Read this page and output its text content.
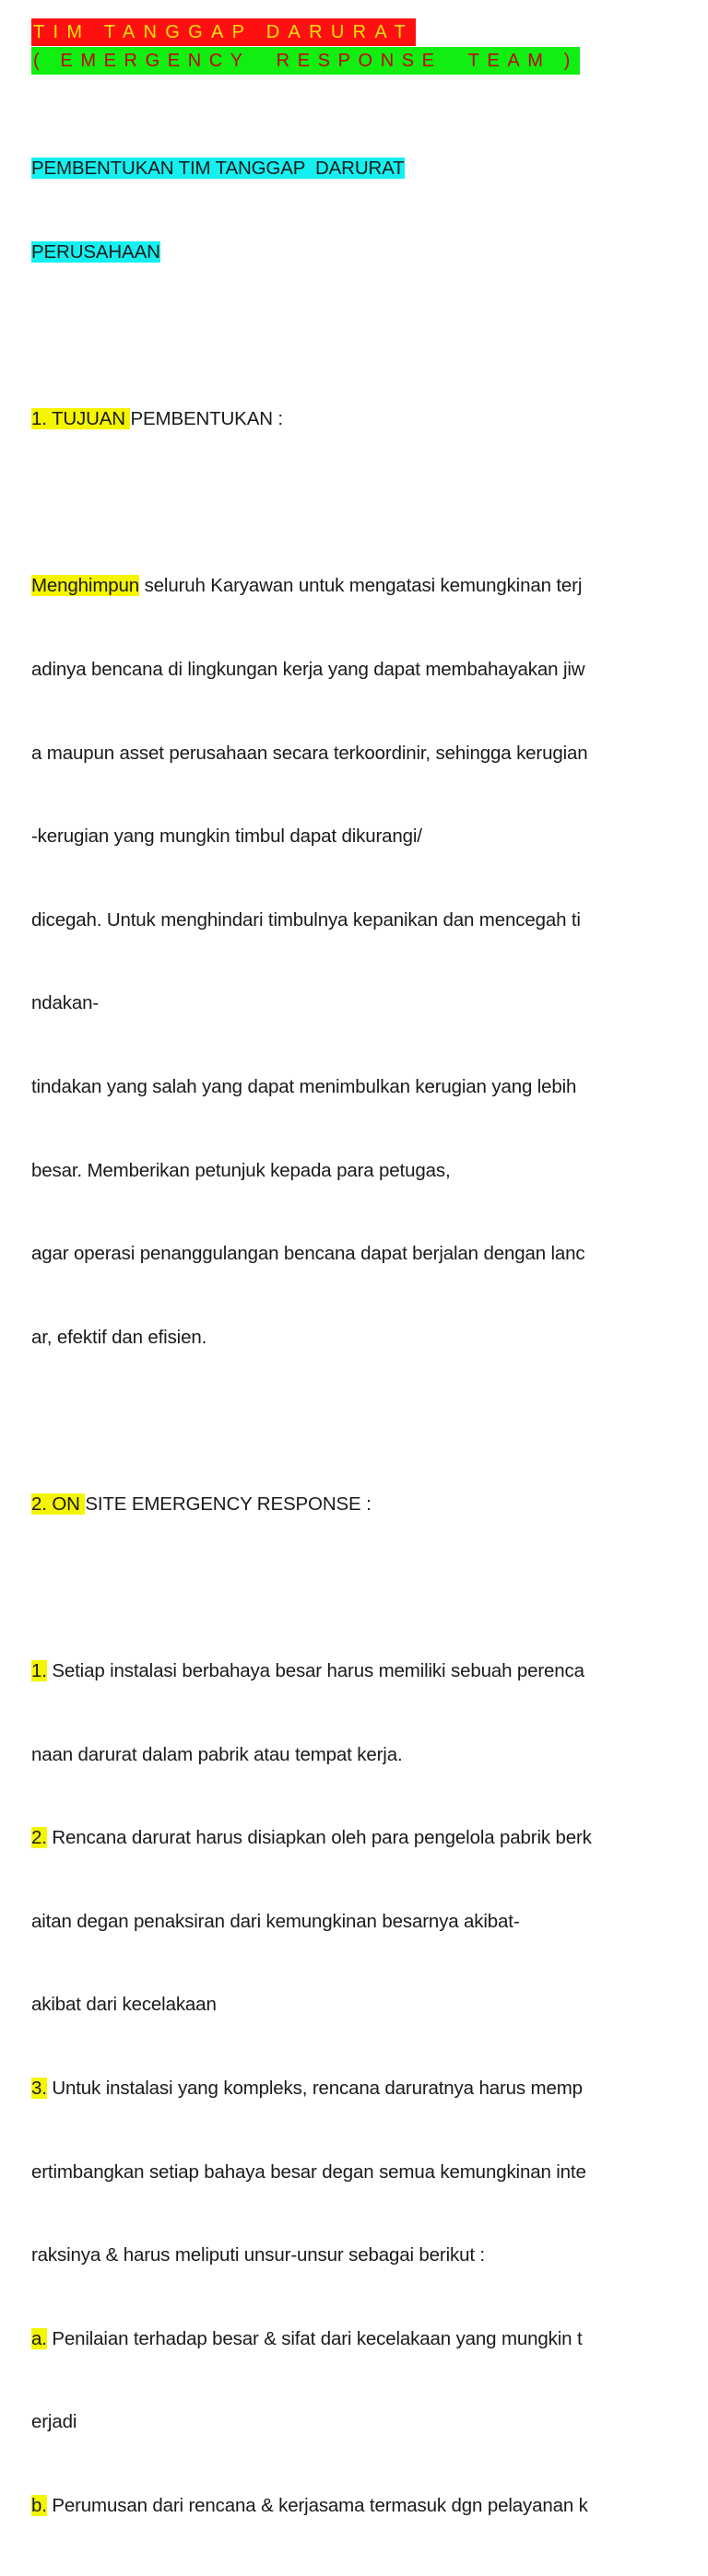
TIM TANGGAP DARURAT
( EMERGENCY  RESPONSE  TEAM )

PEMBENTUKAN TIM TANGGAP  DARURAT

PERUSAHAAN

1. TUJUAN PEMBENTUKAN :

Menghimpun seluruh Karyawan untuk mengatasi kemungkinan terj

adinya bencana di lingkungan kerja yang dapat membahayakan jiw

a maupun asset perusahaan secara terkoordinir, sehingga kerugian

-kerugian yang mungkin timbul dapat dikurangi/

dicegah. Untuk menghindari timbulnya kepanikan dan mencegah ti

ndakan-

tindakan yang salah yang dapat menimbulkan kerugian yang lebih

besar. Memberikan petunjuk kepada para petugas,

agar operasi penanggulangan bencana dapat berjalan dengan lanc

ar, efektif dan efisien.

2. ON SITE EMERGENCY RESPONSE :

1. Setiap instalasi berbahaya besar harus memiliki sebuah perenca

naan darurat dalam pabrik atau tempat kerja.

2. Rencana darurat harus disiapkan oleh para pengelola pabrik berk

aitan degan penaksiran dari kemungkinan besarnya akibat-

akibat dari kecelakaan

3. Untuk instalasi yang kompleks, rencana daruratnya harus memp

ertimbangkan setiap bahaya besar degan semua kemungkinan inte

raksinya & harus meliputi unsur-unsur sebagai berikut :

a. Penilaian terhadap besar & sifat dari kecelakaan yang mungkin t

erjadi

b. Perumusan dari rencana & kerjasama termasuk dgn pelayanan k
